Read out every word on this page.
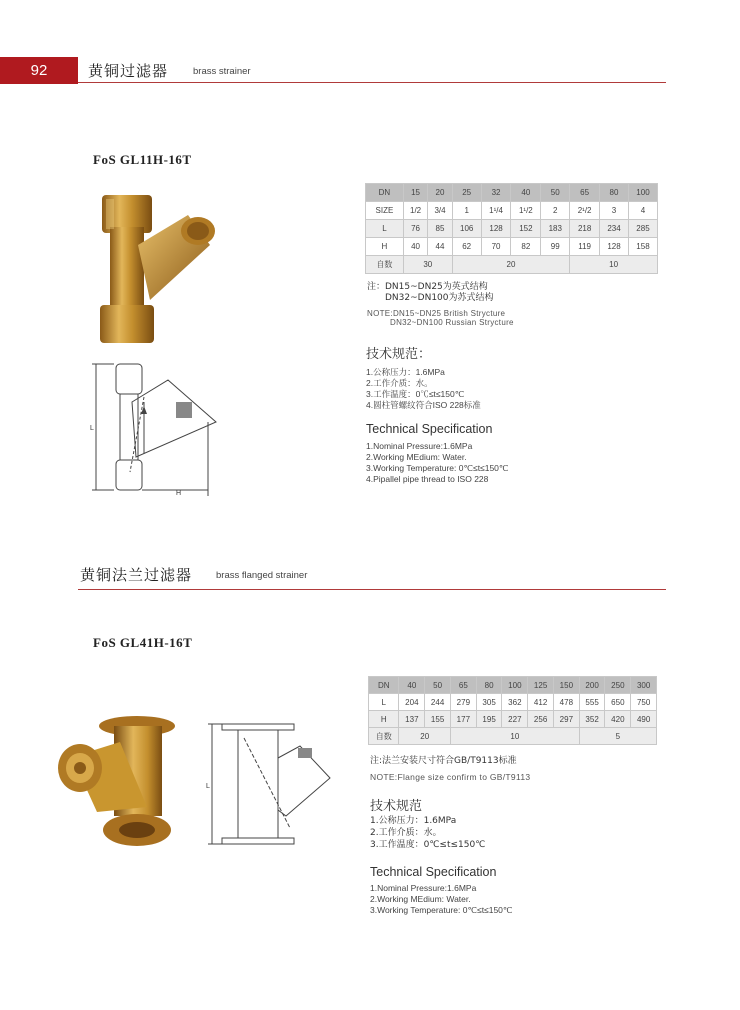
92	黄铜过滤器	brass strainer
FoS GL11H-16T
L
H
DN	15	20	25	32	40	50	65	80	100
SIZE	1/2	3/4	1	1¹/4	1¹/2	2	2¹/2	3	4
L	76	85	106	128	152	183	218	234	285
H	40	44	62	70	82	99	119	128	158
自数	30		20				10		
注：DN15~DN25为英式结构
DN32~DN100为苏式结构
NOTE:DN15~DN25 British Strycture
DN32~DN100 Russian Strycture
技术规范：
1.公称压力：1.6MPa
2.工作介质：水。
3.工作温度：0℃≤t≤150℃
4.圆柱管螺纹符合ISO 228标准
Technical Specification
1.Nominal Pressure:1.6MPa
2.Working MEdium: Water.
3.Working Temperature: 0℃≤t≤150℃
4.Pipallel pipe thread to ISO 228
黄铜法兰过滤器	brass flanged strainer
FoS GL41H-16T
L
DN	40	50	65	80	100	125	150	200	250	300
L	204	244	279	305	362	412	478	555	650	750
H	137	155	177	195	227	256	297	352	420	490
自数	20		10					5		
注:法兰安装尺寸符合GB/T9113标准
NOTE:Flange size confirm to GB/T9113
技术规范
1.公称压力：1.6MPa
2.工作介质：水。
3.工作温度：0℃≤t≤150℃
Technical Specification
1.Nominal Pressure:1.6MPa
2.Working MEdium: Water.
3.Working Temperature: 0℃≤t≤150℃
